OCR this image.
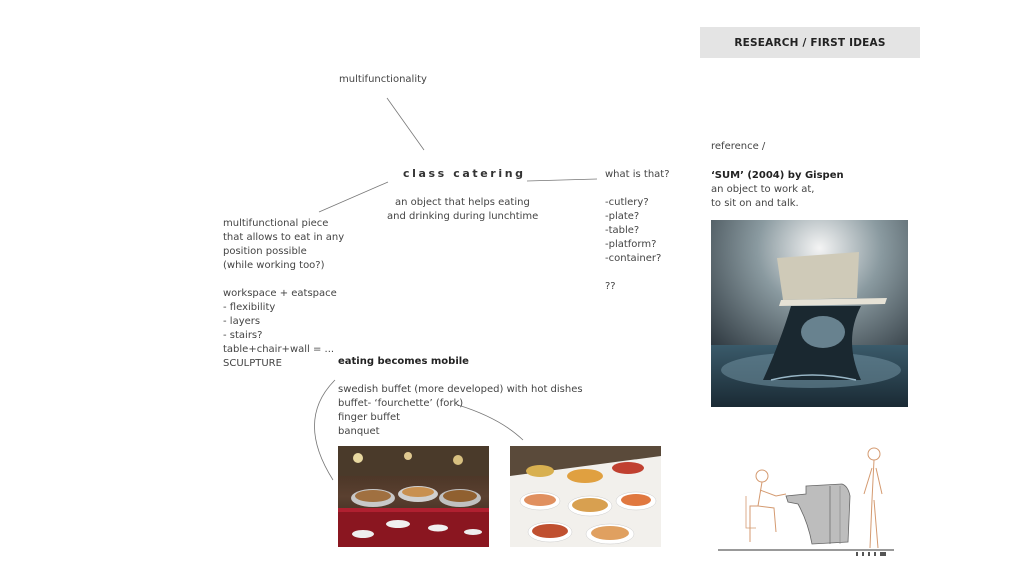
RESEARCH / FIRST IDEAS
multifunctionality
class catering
an object that helps eating
and drinking during lunchtime
multifunctional piece
that allows to eat in any
position possible
(while working too?)
workspace + eatspace
- flexibility
- layers
- stairs?
table+chair+wall = ...
SCULPTURE
what is that?
-cutlery?
-plate?
-table?
-platform?
-container?
??
eating becomes mobile
swedish buffet (more developed) with hot dishes
buffet- ‘fourchette’ (fork)
finger buffet
banquet
reference /
‘SUM’ (2004) by Gispen
an object to work at,
to sit on and talk.
